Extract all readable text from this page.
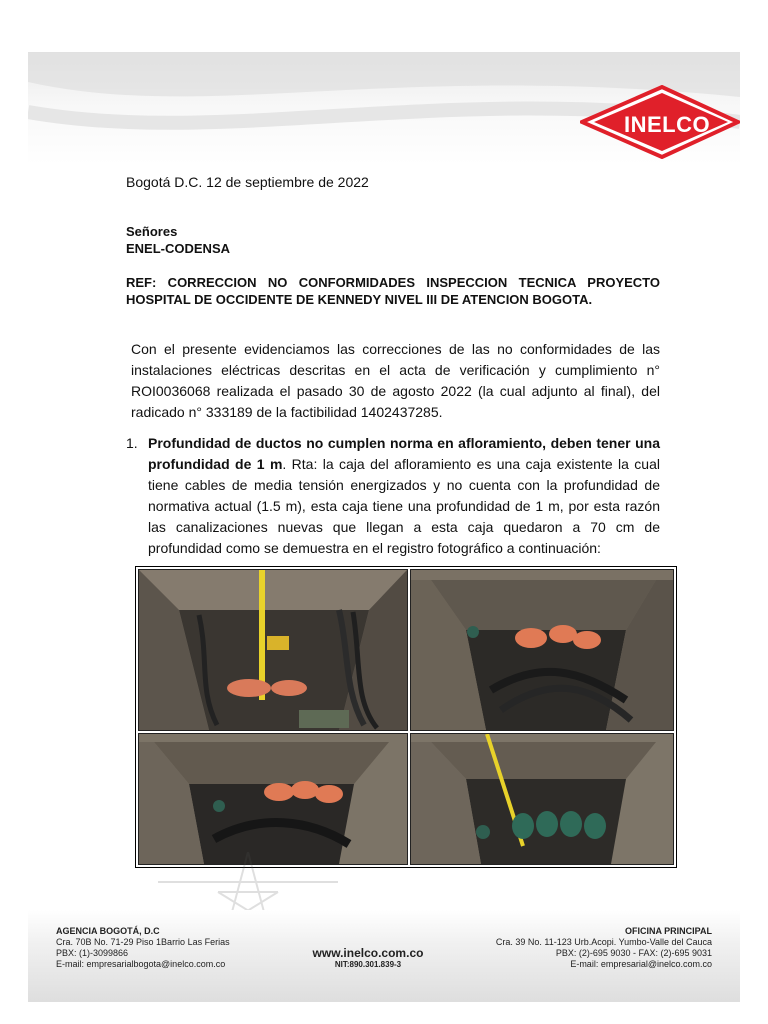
INELCO
Bogotá D.C. 12 de septiembre de 2022
Señores
ENEL-CODENSA
REF: CORRECCION NO CONFORMIDADES INSPECCION TECNICA PROYECTO HOSPITAL DE OCCIDENTE DE KENNEDY NIVEL III DE ATENCION BOGOTA.
Con el presente evidenciamos las correcciones de las no conformidades de las instalaciones eléctricas descritas en el acta de verificación y cumplimiento n° ROI0036068 realizada el pasado 30 de agosto 2022 (la cual adjunto al final), del radicado n° 333189 de la factibilidad 1402437285.
1. Profundidad de ductos no cumplen norma en afloramiento, deben tener una profundidad de 1 m. Rta: la caja del afloramiento es una caja existente la cual tiene cables de media tensión energizados y no cuenta con la profundidad de normativa actual (1.5 m), esta caja tiene una profundidad de 1 m, por esta razón las canalizaciones nuevas que llegan a esta caja quedaron a 70 cm de profundidad como se demuestra en el registro fotográfico a continuación:
AGENCIA BOGOTÁ, D.C
Cra. 70B No. 71-29 Piso 1Barrio Las Ferias
PBX: (1)-3099866
E-mail: empresarialbogota@inelco.com.co
www.inelco.com.co
NIT:890.301.839-3
OFICINA PRINCIPAL
Cra. 39 No. 11-123 Urb.Acopi. Yumbo-Valle del Cauca
PBX: (2)-695 9030 - FAX: (2)-695 9031
E-mail: empresarial@inelco.com.co
